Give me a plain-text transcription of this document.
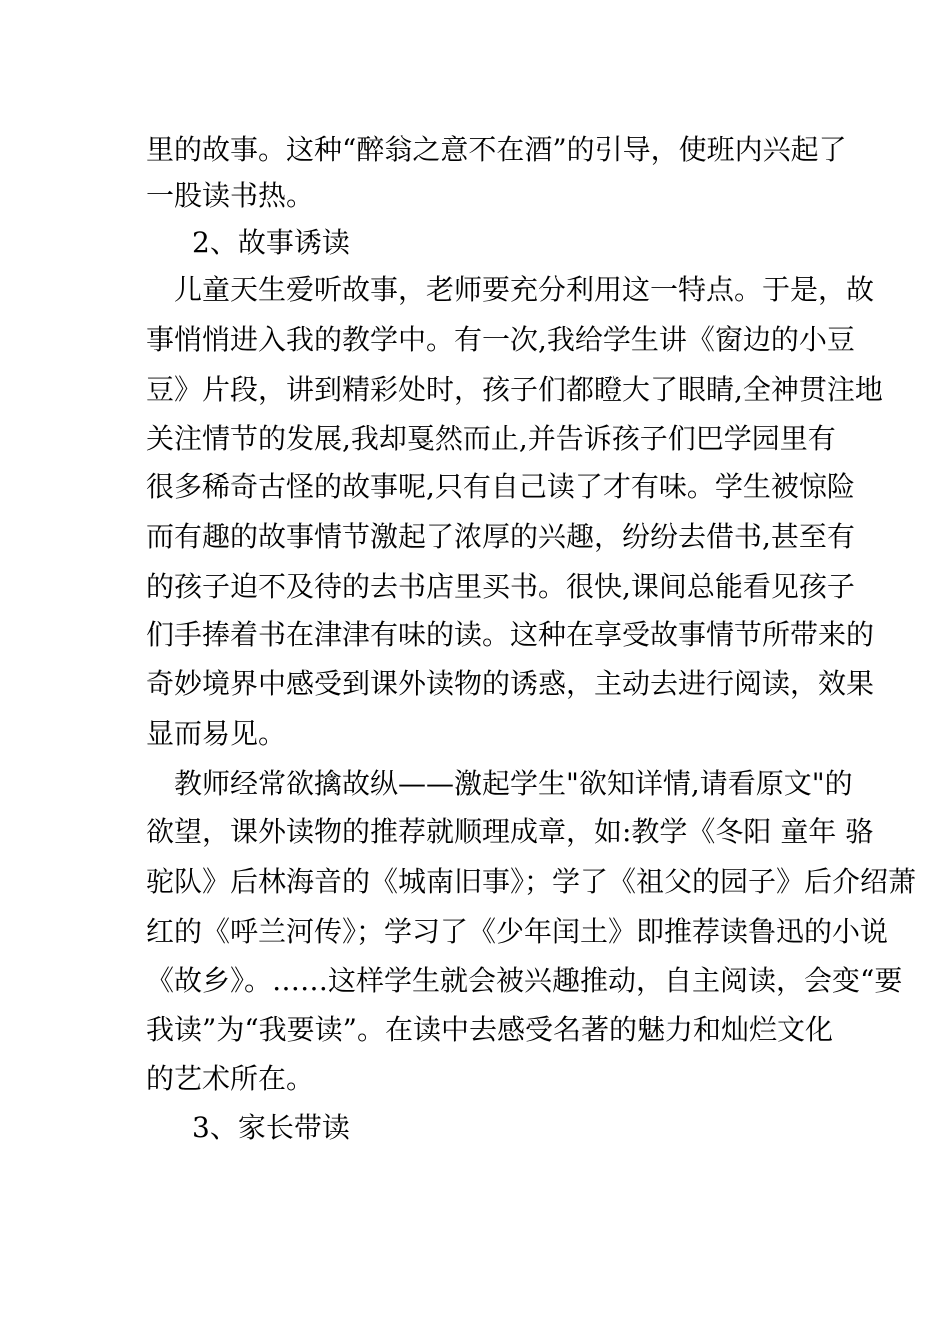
里的故事。这种“醉翁之意不在酒”的引导，使班内兴起了
一股读书热。
2、故事诱读
儿童天生爱听故事，老师要充分利用这一特点。于是，故
事悄悄进入我的教学中。有一次,我给学生讲《窗边的小豆
豆》片段，讲到精彩处时，孩子们都瞪大了眼睛,全神贯注地
关注情节的发展,我却戛然而止,并告诉孩子们巴学园里有
很多稀奇古怪的故事呢,只有自己读了才有味。学生被惊险
而有趣的故事情节激起了浓厚的兴趣，纷纷去借书,甚至有
的孩子迫不及待的去书店里买书。很快,课间总能看见孩子
们手捧着书在津津有味的读。这种在享受故事情节所带来的
奇妙境界中感受到课外读物的诱惑，主动去进行阅读，效果
显而易见。
教师经常欲擒故纵——激起学生"欲知详情,请看原文"的
欲望，课外读物的推荐就顺理成章，如:教学《冬阳 童年 骆
驼队》后林海音的《城南旧事》；学了《祖父的园子》后介绍萧
红的《呼兰河传》；学习了《少年闰土》即推荐读鲁迅的小说
《故乡》。……这样学生就会被兴趣推动，自主阅读，会变“要
我读”为“我要读”。在读中去感受名著的魅力和灿烂文化
的艺术所在。
3、家长带读
